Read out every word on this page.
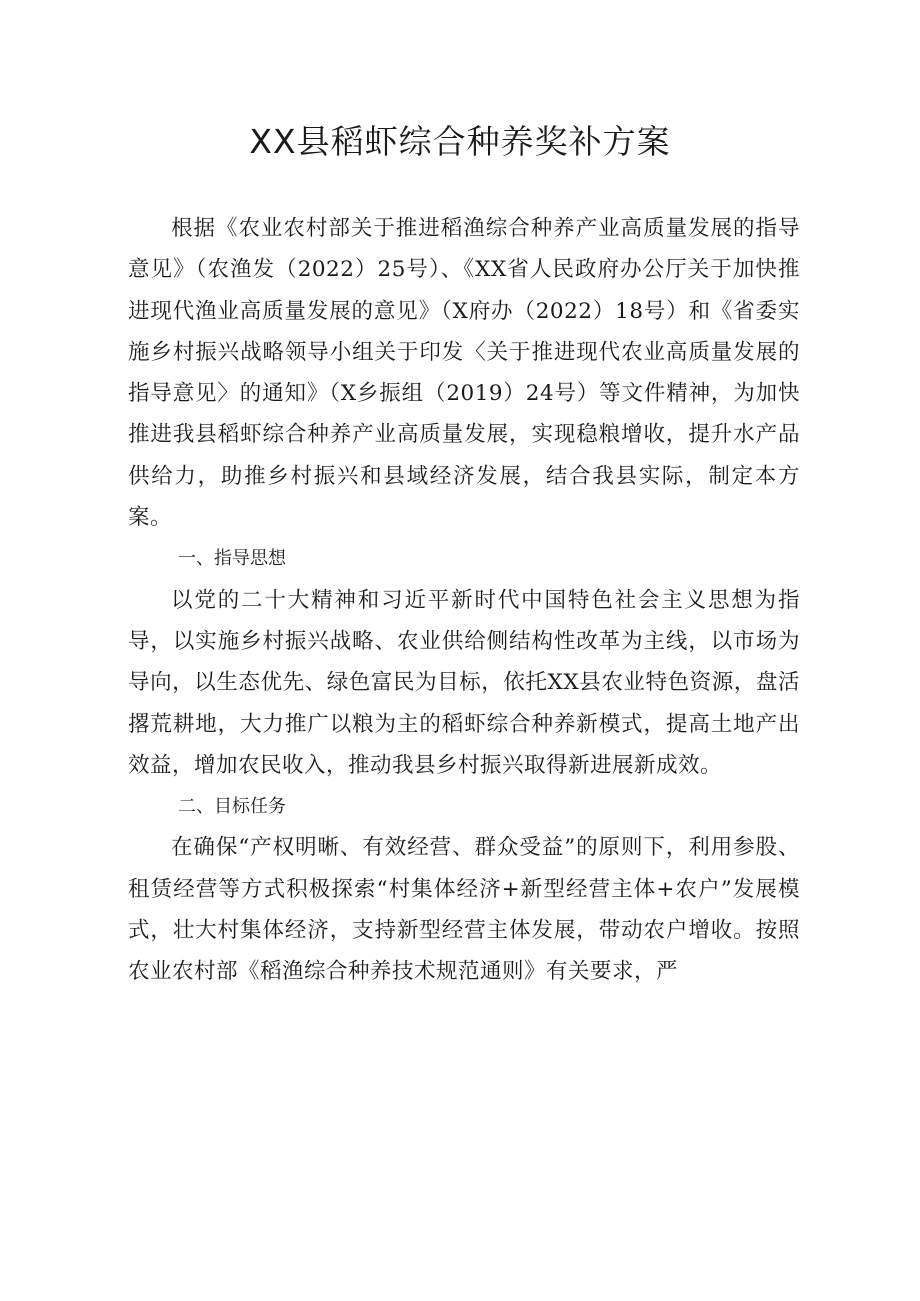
XX县稻虾综合种养奖补方案

根据《农业农村部关于推进稻渔综合种养产业高质量发展的指导意见》（农渔发（2022）25号）、《XX省人民政府办公厅关于加快推进现代渔业高质量发展的意见》（X府办（2022）18号）和《省委实施乡村振兴战略领导小组关于印发〈关于推进现代农业高质量发展的指导意见〉的通知》（X乡振组（2019）24号）等文件精神，为加快推进我县稻虾综合种养产业高质量发展，实现稳粮增收，提升水产品供给力，助推乡村振兴和县域经济发展，结合我县实际，制定本方案。

一、指导思想

以党的二十大精神和习近平新时代中国特色社会主义思想为指导，以实施乡村振兴战略、农业供给侧结构性改革为主线，以市场为导向，以生态优先、绿色富民为目标，依托XX县农业特色资源，盘活撂荒耕地，大力推广以粮为主的稻虾综合种养新模式，提高土地产出效益，增加农民收入，推动我县乡村振兴取得新进展新成效。

二、目标任务

在确保“产权明晰、有效经营、群众受益”的原则下，利用参股、租赁经营等方式积极探索“村集体经济+新型经营主体+农户”发展模式，壮大村集体经济，支持新型经营主体发展，带动农户增收。按照农业农村部《稻渔综合种养技术规范通则》有关要求，严
